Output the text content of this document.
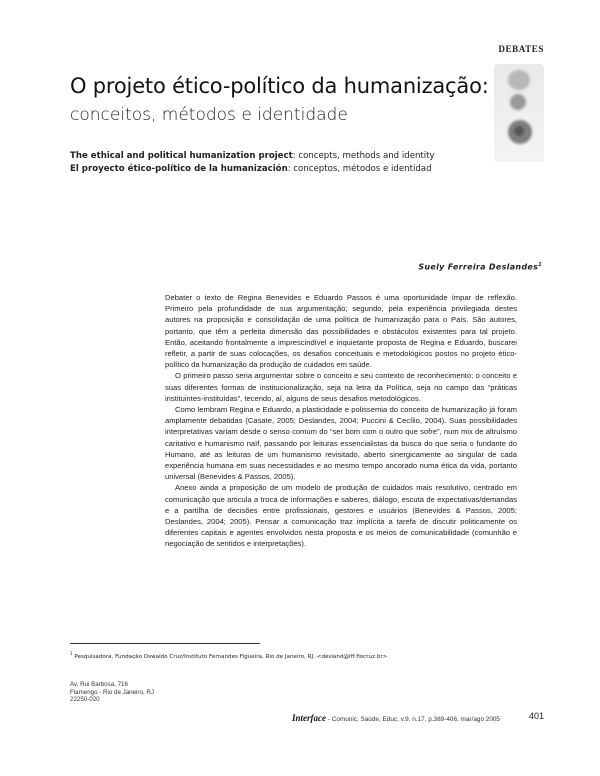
DEBATES
O projeto ético-político da humanização:
conceitos, métodos e identidade
The ethical and political humanization project: concepts, methods and identity
El proyecto ético-político de la humanización: conceptos, métodos e identidad
Suely Ferreira Deslandes$^1$

Debater o texto de Regina Benevides e Eduardo Passos é uma oportunidade ímpar de reflexão. Primeiro pela profundidade de sua argumentação; segundo, pela experiência privilegiada destes autores na proposição e consolidação de uma política de humanização para o País. São autores, portanto, que têm a perfeita dimensão das possibilidades e obstáculos existentes para tal projeto. Então, aceitando frontalmente a imprescindível e inquietante proposta de Regina e Eduardo, buscarei refletir, a partir de suas colocações, os desafios conceituais e metodológicos postos no projeto ético-político da humanização da produção de cuidados em saúde.

O primeiro passo seria argumentar sobre o conceito e seu contexto de reconhecimento; o conceito e suas diferentes formas de institucionalização, seja na letra da Política, seja no campo das “práticas instituintes-instituídas”, tecendo, aí, alguns de seus desafios metodológicos.

Como lembram Regina e Eduardo, a plasticidade e polissemia do conceito de humanização já foram amplamente debatidas (Casate, 2005; Deslandes, 2004; Puccini & Cecílio, 2004). Suas possibilidades interpretativas variam desde o senso comum do “ser bom com o outro que sofre”, num mix de altruísmo caritativo e humanismo naïf, passando por leituras essencialistas da busca do que seria o fundante do Humano, até as leituras de um humanismo revisitado, aberto sinergicamente ao singular de cada experiência humana em suas necessidades e ao mesmo tempo ancorado numa ética da vida, portanto universal (Benevides & Passos, 2005).

Anexo ainda a proposição de um modelo de produção de cuidados mais resolutivo, centrado em comunicação que articula a troca de informações e saberes, diálogo, escuta de expectativas/demandas e a partilha de decisões entre profissionais, gestores e usuários (Benevides & Passos, 2005; Deslandes, 2004; 2005). Pensar a comunicação traz implícita a tarefa de discutir politicamente os diferentes capitais e agentes envolvidos nesta proposta e os meios de comunicabilidade (comunhão e negociação de sentidos e interpretações).

$^1$ Pesquisadora, Fundação Oswaldo Cruz/Instituto Fernandes Figueira, Rio de Janeiro, RJ. <desland@iff.fiocruz.br>
Av. Rui Barbosa, 716
Flamengo - Rio de Janeiro, RJ
22250-020
Interface - Comunic, Saúde, Educ, v.9, n.17, p.389-406, mar/ago 2005	401
